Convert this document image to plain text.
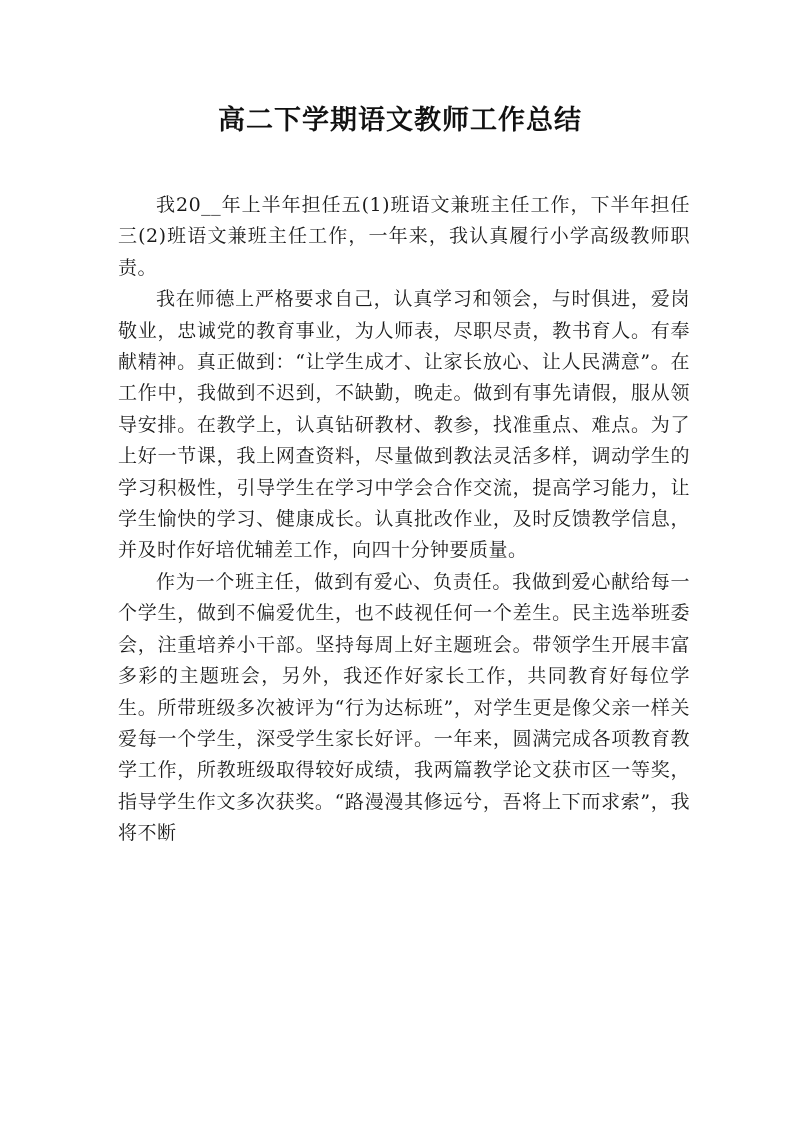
高二下学期语文教师工作总结

我20__年上半年担任五(1)班语文兼班主任工作，下半年担任三(2)班语文兼班主任工作，一年来，我认真履行小学高级教师职责。

我在师德上严格要求自己，认真学习和领会，与时俱进，爱岗敬业，忠诚党的教育事业，为人师表，尽职尽责，教书育人。有奉献精神。真正做到：“让学生成才、让家长放心、让人民满意”。在工作中，我做到不迟到，不缺勤，晚走。做到有事先请假，服从领导安排。在教学上，认真钻研教材、教参，找准重点、难点。为了上好一节课，我上网查资料，尽量做到教法灵活多样，调动学生的学习积极性，引导学生在学习中学会合作交流，提高学习能力，让学生愉快的学习、健康成长。认真批改作业，及时反馈教学信息，并及时作好培优辅差工作，向四十分钟要质量。

作为一个班主任，做到有爱心、负责任。我做到爱心献给每一个学生，做到不偏爱优生，也不歧视任何一个差生。民主选举班委会，注重培养小干部。坚持每周上好主题班会。带领学生开展丰富多彩的主题班会，另外，我还作好家长工作，共同教育好每位学生。所带班级多次被评为“行为达标班”，对学生更是像父亲一样关爱每一个学生，深受学生家长好评。一年来，圆满完成各项教育教学工作，所教班级取得较好成绩，我两篇教学论文获市区一等奖，指导学生作文多次获奖。“路漫漫其修远兮，吾将上下而求索”，我将不断
